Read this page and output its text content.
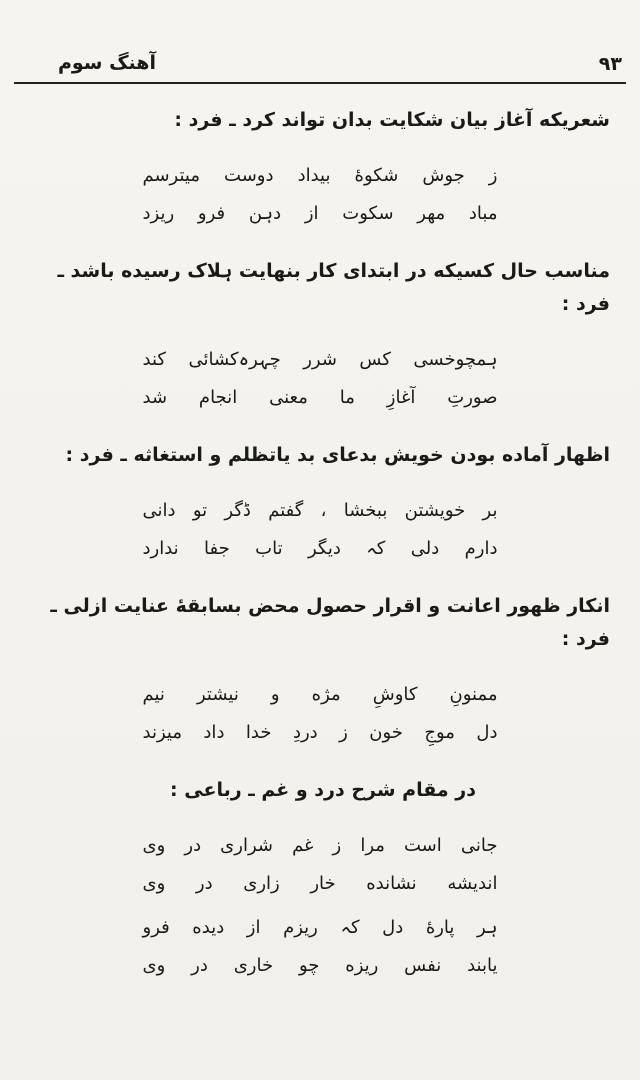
۹۳
آهنگ سوم

شعریکه آغاز بیان شکایت بدان تواند کرد ـ فرد :

ز جوش شکوهٔ بیداد دوست میترسم
مباد مهر سکوت از دہن فرو ریزد

مناسب حال کسیکه در ابتدای کار بنهایت ہلاک رسیده باشد ـ فرد :

ہمچوخسی کس شرر چہرہ‌کشائی کند
صورتِ آغازِ ما معنی انجام شد

اظهار آماده بودن خویش بدعای بد یاتظلم و استغاثه ـ فرد :

بر خویشتن ببخشا ، گفتم ڈگر تو دانی
دارم دلی کہ دیگر تاب جفا ندارد

انکار ظهور اعانت و اقرار حصول محض بسابقهٔ عنایت ازلی ـ فرد :

ممنونِ کاوشِ مژه و نیشتر نیم
دل موجِ خون ز دردِ خدا داد میزند

در مقام شرح درد و غم ـ رباعی :

جانی است مرا ز غم شراری در وی
اندیشه نشانده خار زاری در وی
ہر پارهٔ دل کہ ریزم از دیده فرو
یابند نفس ریزه چو خاری در وی
